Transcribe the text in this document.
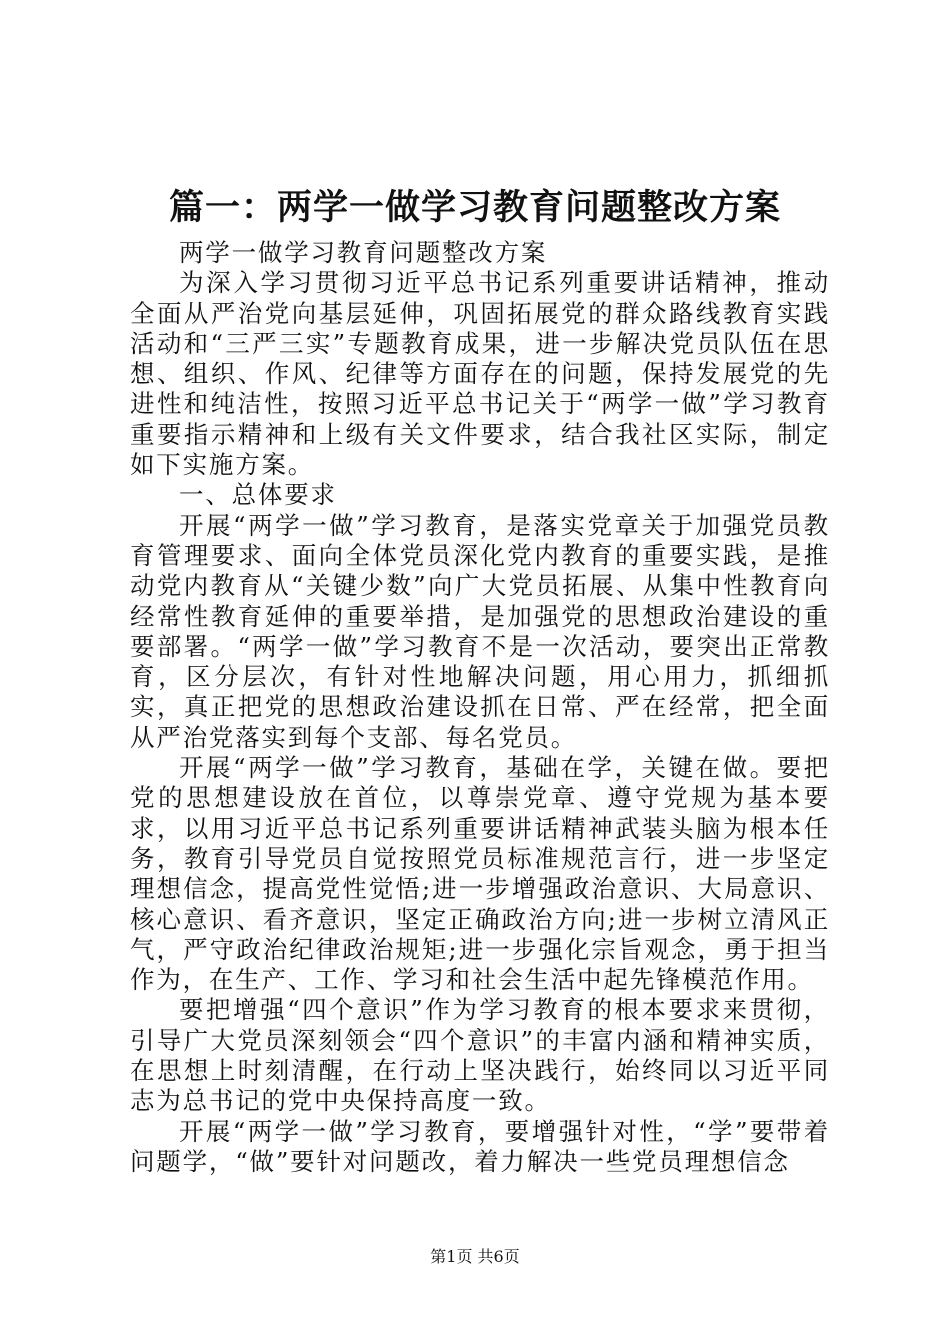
篇一：两学一做学习教育问题整改方案

两学一做学习教育问题整改方案

为深入学习贯彻习近平总书记系列重要讲话精神，推动全面从严治党向基层延伸，巩固拓展党的群众路线教育实践活动和“三严三实”专题教育成果，进一步解决党员队伍在思想、组织、作风、纪律等方面存在的问题，保持发展党的先进性和纯洁性，按照习近平总书记关于“两学一做”学习教育重要指示精神和上级有关文件要求，结合我社区实际，制定如下实施方案。

一、总体要求

开展“两学一做”学习教育，是落实党章关于加强党员教育管理要求、面向全体党员深化党内教育的重要实践，是推动党内教育从“关键少数”向广大党员拓展、从集中性教育向经常性教育延伸的重要举措，是加强党的思想政治建设的重要部署。“两学一做”学习教育不是一次活动，要突出正常教育，区分层次，有针对性地解决问题，用心用力，抓细抓实，真正把党的思想政治建设抓在日常、严在经常，把全面从严治党落实到每个支部、每名党员。

开展“两学一做”学习教育，基础在学，关键在做。要把党的思想建设放在首位，以尊崇党章、遵守党规为基本要求，以用习近平总书记系列重要讲话精神武装头脑为根本任务，教育引导党员自觉按照党员标准规范言行，进一步坚定理想信念，提高党性觉悟;进一步增强政治意识、大局意识、核心意识、看齐意识，坚定正确政治方向;进一步树立清风正气，严守政治纪律政治规矩;进一步强化宗旨观念，勇于担当作为，在生产、工作、学习和社会生活中起先锋模范作用。

要把增强“四个意识”作为学习教育的根本要求来贯彻，引导广大党员深刻领会“四个意识”的丰富内涵和精神实质，在思想上时刻清醒，在行动上坚决践行，始终同以习近平同志为总书记的党中央保持高度一致。

开展“两学一做”学习教育，要增强针对性，“学”要带着问题学，“做”要针对问题改，着力解决一些党员理想信念

第1页 共6页
